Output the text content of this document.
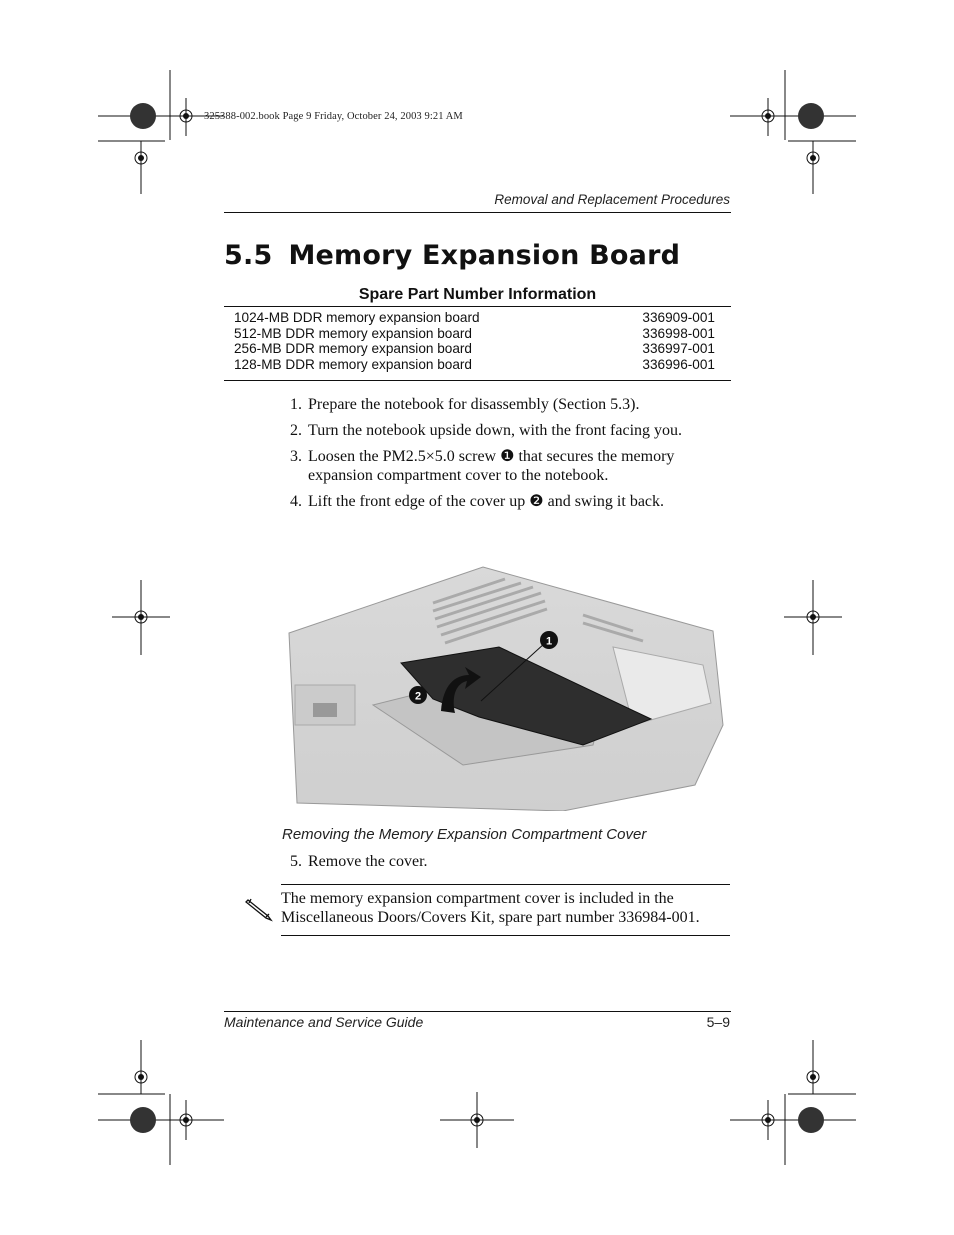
325388-002.book Page 9 Friday, October 24, 2003 9:21 AM
Removal and Replacement Procedures
5.5 Memory Expansion Board
Spare Part Number Information
1024-MB DDR memory expansion board	336909-001
512-MB DDR memory expansion board	336998-001
256-MB DDR memory expansion board	336997-001
128-MB DDR memory expansion board	336996-001
1. Prepare the notebook for disassembly (Section 5.3).
2. Turn the notebook upside down, with the front facing you.
3. Loosen the PM2.5×5.0 screw ❶ that secures the memory expansion compartment cover to the notebook.
4. Lift the front edge of the cover up ❷ and swing it back.
1
2
Removing the Memory Expansion Compartment Cover
5. Remove the cover.
The memory expansion compartment cover is included in the Miscellaneous Doors/Covers Kit, spare part number 336984-001.
Maintenance and Service Guide	5–9
